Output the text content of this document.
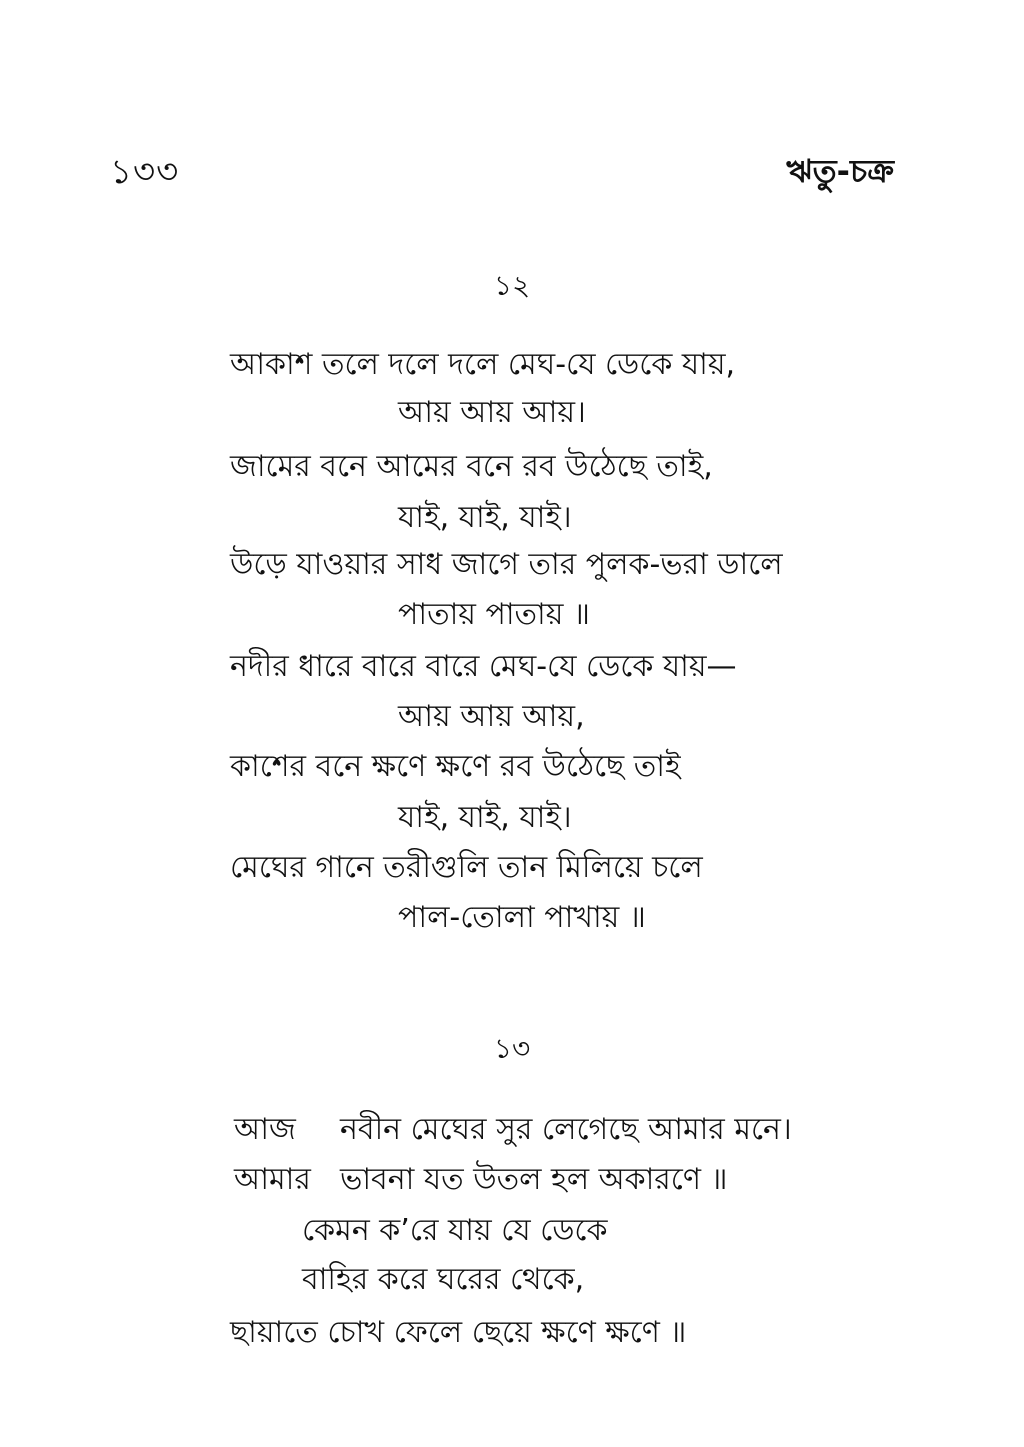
১৩৩	ঋতু-চক্র
১২
আকাশ তলে দলে দলে মেঘ-যে ডেকে যায়,
আয় আয় আয়।
জামের বনে আমের বনে রব উঠেছে তাই,
যাই, যাই, যাই।
উড়ে যাওয়ার সাধ জাগে তার পুলক-ভরা ডালে
পাতায় পাতায় ॥
নদীর ধারে বারে বারে মেঘ-যে ডেকে যায়—
আয় আয় আয়,
কাশের বনে ক্ষণে ক্ষণে রব উঠেছে তাই
যাই, যাই, যাই।
মেঘের গানে তরীগুলি তান মিলিয়ে চলে
পাল-তোলা পাখায় ॥
১৩
আজ নবীন মেঘের সুর লেগেছে আমার মনে।
আমার ভাবনা যত উতল হল অকারণে ॥
কেমন ক’রে যায় যে ডেকে
বাহির করে ঘরের থেকে,
ছায়াতে চোখ ফেলে ছেয়ে ক্ষণে ক্ষণে ॥
